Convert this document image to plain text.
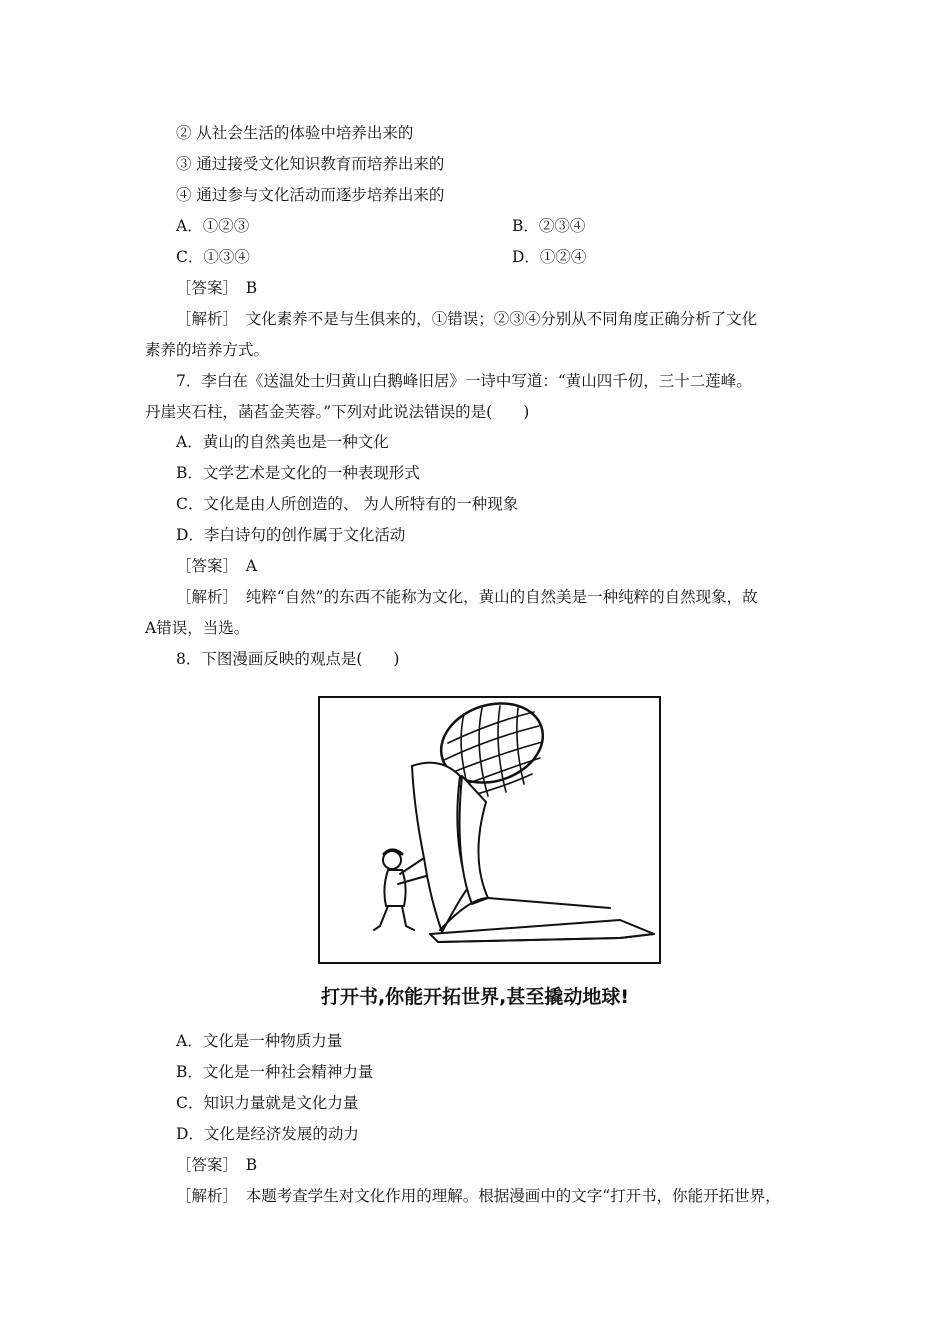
② 从社会生活的体验中培养出来的
③ 通过接受文化知识教育而培养出来的
④ 通过参与文化活动而逐步培养出来的
A．①②③	B．②③④
C．①③④	D．①②④
［答案］　B
［解析］　文化素养不是与生俱来的，①错误；②③④分别从不同角度正确分析了文化
素养的培养方式。
7．李白在《送温处士归黄山白鹅峰旧居》一诗中写道：“黄山四千仞，三十二莲峰。
丹崖夹石柱，菡萏金芙蓉。”下列对此说法错误的是(　　)
A．黄山的自然美也是一种文化
B．文学艺术是文化的一种表现形式
C．文化是由人所创造的、 为人所特有的一种现象
D．李白诗句的创作属于文化活动
［答案］　A
［解析］　纯粹“自然”的东西不能称为文化，黄山的自然美是一种纯粹的自然现象，故
A错误，当选。
8．下图漫画反映的观点是(　　)
打开书,你能开拓世界,甚至撬动地球!
A．文化是一种物质力量
B．文化是一种社会精神力量
C．知识力量就是文化力量
D．文化是经济发展的动力
［答案］　B
［解析］　本题考查学生对文化作用的理解。根据漫画中的文字“打开书，你能开拓世界，
